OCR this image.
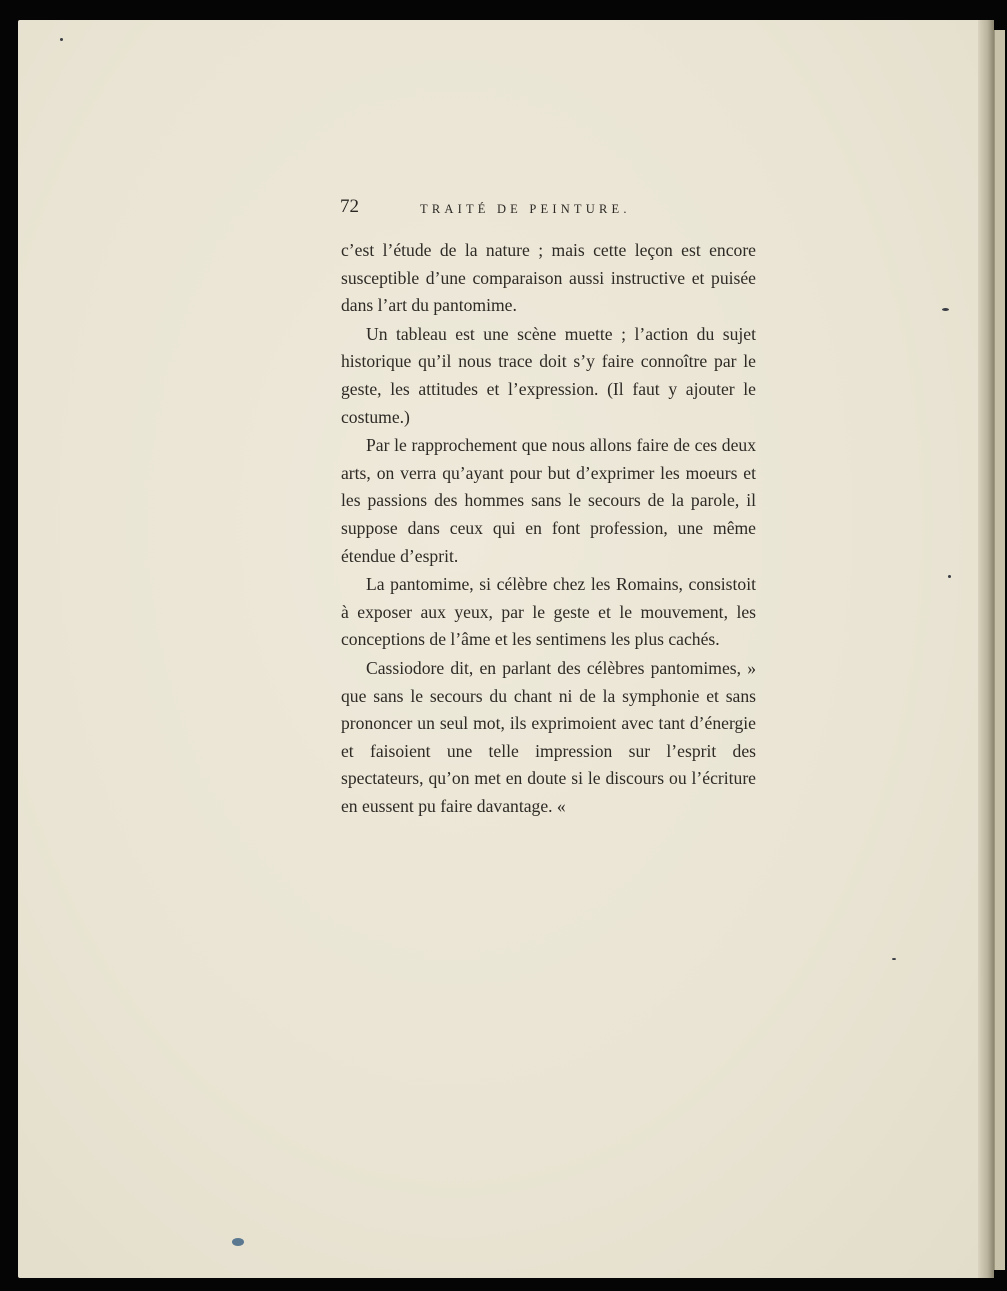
72	TRAITÉ DE PEINTURE.

c’est l’étude de la nature ; mais cette leçon est encore susceptible d’une comparaison aussi instructive et puisée dans l’art du pantomime.

Un tableau est une scène muette ; l’action du sujet historique qu’il nous trace doit s’y faire connoître par le geste, les attitudes et l’expression. (Il faut y ajouter le costume.)

Par le rapprochement que nous allons faire de ces deux arts, on verra qu’ayant pour but d’exprimer les moeurs et les passions des hommes sans le secours de la parole, il suppose dans ceux qui en font profession, une même étendue d’esprit.

La pantomime, si célèbre chez les Romains, consistoit à exposer aux yeux, par le geste et le mouvement, les conceptions de l’âme et les sentimens les plus cachés.

Cassiodore dit, en parlant des célèbres pantomimes, » que sans le secours du chant ni de la symphonie et sans prononcer un seul mot, ils exprimoient avec tant d’énergie et faisoient une telle impression sur l’esprit des spectateurs, qu’on met en doute si le discours ou l’écriture en eussent pu faire davantage. «
